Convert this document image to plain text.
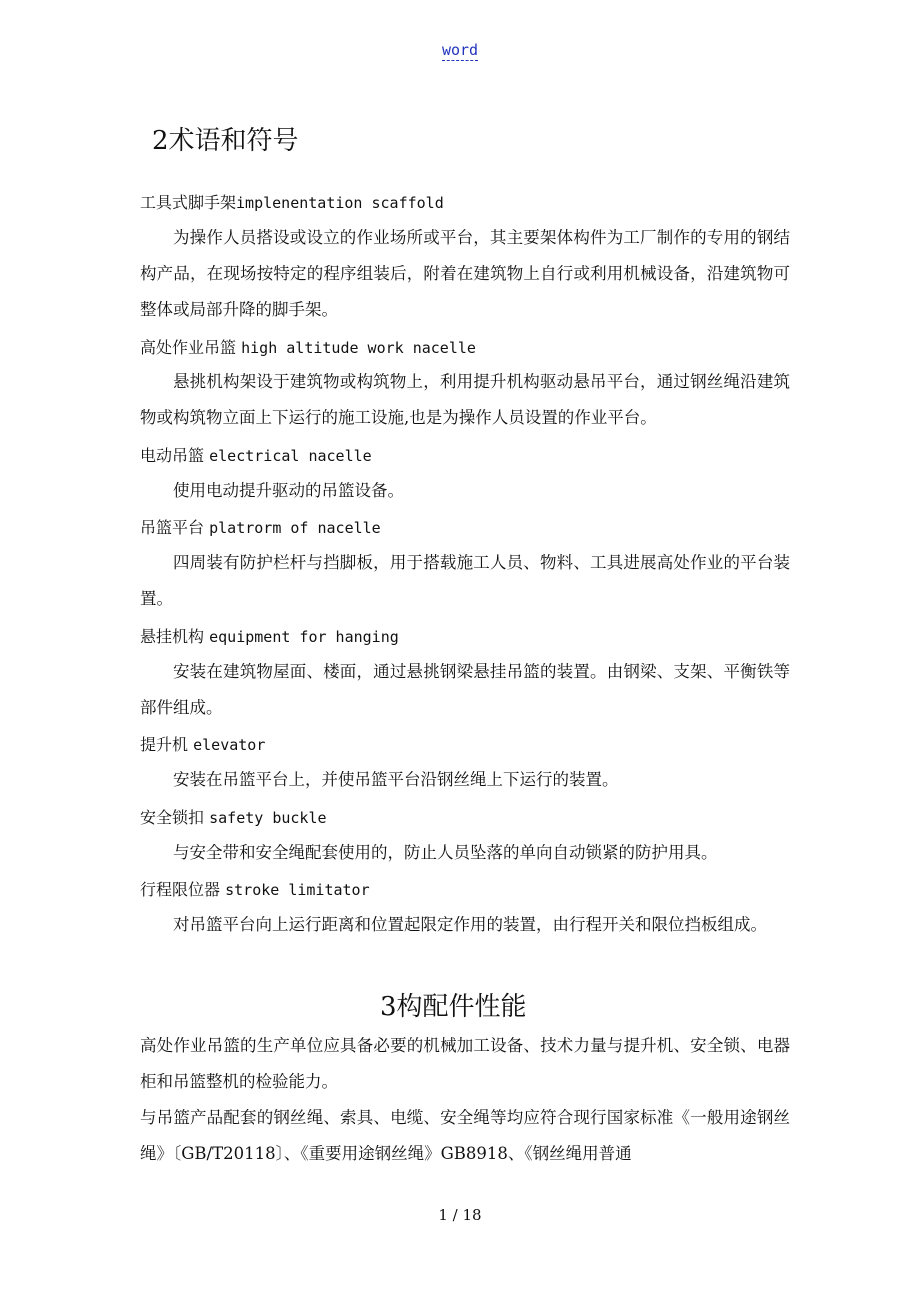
word
2术语和符号
工具式脚手架implenentation scaffold

为操作人员搭设或设立的作业场所或平台，其主要架体构件为工厂制作的专用的钢结构产品，在现场按特定的程序组装后，附着在建筑物上自行或利用机械设备，沿建筑物可整体或局部升降的脚手架。

高处作业吊篮 high altitude work nacelle

悬挑机构架设于建筑物或构筑物上，利用提升机构驱动悬吊平台，通过钢丝绳沿建筑物或构筑物立面上下运行的施工设施,也是为操作人员设置的作业平台。

电动吊篮 electrical nacelle

使用电动提升驱动的吊篮设备。

吊篮平台 platrorm of nacelle

四周装有防护栏杆与挡脚板，用于搭载施工人员、物料、工具进展高处作业的平台装置。

悬挂机构 equipment for hanging

安装在建筑物屋面、楼面，通过悬挑钢梁悬挂吊篮的装置。由钢梁、支架、平衡铁等部件组成。

提升机 elevator

安装在吊篮平台上，并使吊篮平台沿钢丝绳上下运行的装置。

安全锁扣 safety buckle

与安全带和安全绳配套使用的，防止人员坠落的单向自动锁紧的防护用具。

行程限位器 stroke limitator

对吊篮平台向上运行距离和位置起限定作用的装置，由行程开关和限位挡板组成。

3构配件性能

高处作业吊篮的生产单位应具备必要的机械加工设备、技术力量与提升机、安全锁、电器柜和吊篮整机的检验能力。

与吊篮产品配套的钢丝绳、索具、电缆、安全绳等均应符合现行国家标准《一般用途钢丝绳》〔GB/T20118〕、《重要用途钢丝绳》GB8918、《钢丝绳用普通

1 / 18
